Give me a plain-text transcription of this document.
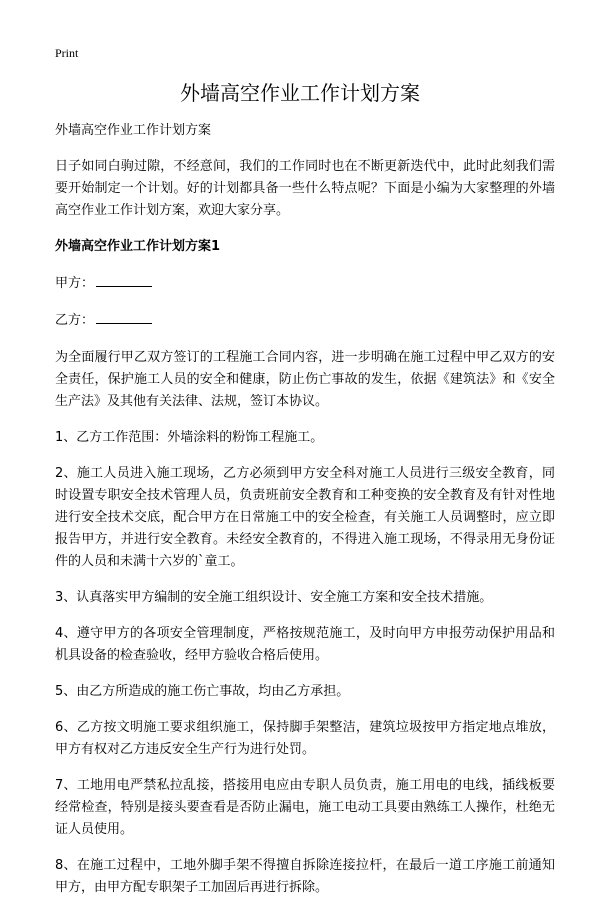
Print
外墙高空作业工作计划方案

外墙高空作业工作计划方案

日子如同白驹过隙，不经意间，我们的工作同时也在不断更新迭代中，此时此刻我们需要开始制定一个计划。好的计划都具备一些什么特点呢？下面是小编为大家整理的外墙高空作业工作计划方案，欢迎大家分享。

外墙高空作业工作计划方案1

甲方：

乙方：

为全面履行甲乙双方签订的工程施工合同内容，进一步明确在施工过程中甲乙双方的安全责任，保护施工人员的安全和健康，防止伤亡事故的发生，依据《建筑法》和《安全生产法》及其他有关法律、法规，签订本协议。

1、乙方工作范围：外墙涂料的粉饰工程施工。

2、施工人员进入施工现场，乙方必须到甲方安全科对施工人员进行三级安全教育，同时设置专职安全技术管理人员，负责班前安全教育和工种变换的安全教育及有针对性地进行安全技术交底，配合甲方在日常施工中的安全检查，有关施工人员调整时，应立即报告甲方，并进行安全教育。未经安全教育的，不得进入施工现场，不得录用无身份证件的人员和未满十六岁的`童工。

3、认真落实甲方编制的安全施工组织设计、安全施工方案和安全技术措施。

4、遵守甲方的各项安全管理制度，严格按规范施工，及时向甲方申报劳动保护用品和机具设备的检查验收，经甲方验收合格后使用。

5、由乙方所造成的施工伤亡事故，均由乙方承担。

6、乙方按文明施工要求组织施工，保持脚手架整洁，建筑垃圾按甲方指定地点堆放，甲方有权对乙方违反安全生产行为进行处罚。

7、工地用电严禁私拉乱接，搭接用电应由专职人员负责，施工用电的电线，插线板要经常检查，特别是接头要查看是否防止漏电，施工电动工具要由熟练工人操作，杜绝无证人员使用。

8、在施工过程中，工地外脚手架不得擅自拆除连接拉杆，在最后一道工序施工前通知甲方，由甲方配专职架子工加固后再进行拆除。
